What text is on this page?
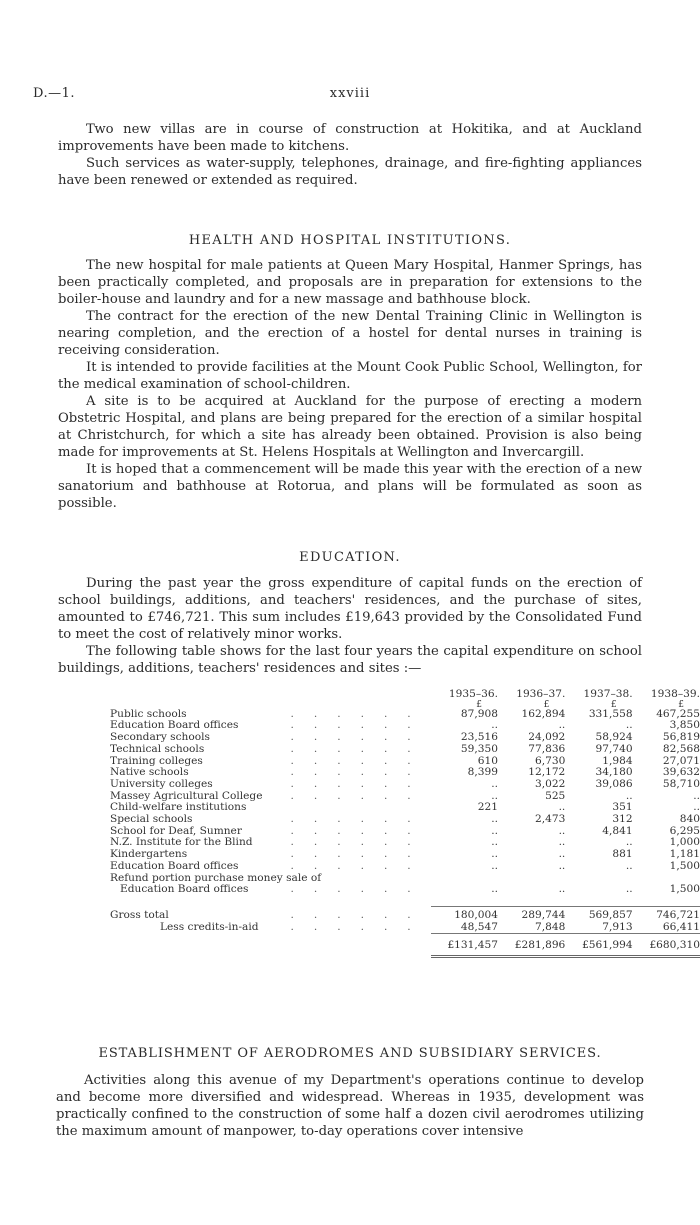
D.—1.	xxviii

Two new villas are in course of construction at Hokitika, and at Auckland improvements have been made to kitchens.

Such services as water-supply, telephones, drainage, and fire-fighting appliances have been renewed or extended as required.

HEALTH AND HOSPITAL INSTITUTIONS.

The new hospital for male patients at Queen Mary Hospital, Hanmer Springs, has been practically completed, and proposals are in preparation for extensions to the boiler-house and laundry and for a new massage and bathhouse block.

The contract for the erection of the new Dental Training Clinic in Wellington is nearing completion, and the erection of a hostel for dental nurses in training is receiving consideration.

It is intended to provide facilities at the Mount Cook Public School, Wellington, for the medical examination of school-children.

A site is to be acquired at Auckland for the purpose of erecting a modern Obstetric Hospital, and plans are being prepared for the erection of a similar hospital at Christchurch, for which a site has already been obtained. Provision is also being made for improvements at St. Helens Hospitals at Wellington and Invercargill.

It is hoped that a commencement will be made this year with the erection of a new sanatorium and bathhouse at Rotorua, and plans will be formulated as soon as possible.

EDUCATION.

During the past year the gross expenditure of capital funds on the erection of school buildings, additions, and teachers' residences, and the purchase of sites, amounted to £746,721. This sum includes £19,643 provided by the Consolidated Fund to meet the cost of relatively minor works.

The following table shows for the last four years the capital expenditure on school buildings, additions, teachers' residences and sites :—

		1935–36.	1936–37.	1937–38.	1938–39.
		£	£	£	£
Public schools	......	87,908	162,894	331,558	467,255
Education Board offices	......	..	..	..	3,850
Secondary schools	......	23,516	24,092	58,924	56,819
Technical schools	......	59,350	77,836	97,740	82,568
Training colleges	......	610	6,730	1,984	27,071
Native schools	......	8,399	12,172	34,180	39,632
University colleges	......	..	3,022	39,086	58,710
Massey Agricultural College	......	..	525	..	..
Child-welfare institutions		221	..	351	..
Special schools	......	..	2,473	312	840
School for Deaf, Sumner	......	..	..	4,841	6,295
N.Z. Institute for the Blind	......	..	..	..	1,000
Kindergartens	......	..	..	881	1,181
Education Board offices	......	..	..	..	1,500
Refund portion purchase money sale of					
Education Board offices	......	..	..	..	1,500

Gross total	......	180,004	289,744	569,857	746,721
Less credits-in-aid	......	48,547	7,848	7,913	66,411
		£131,457	£281,896	£561,994	£680,310
ESTABLISHMENT OF AERODROMES AND SUBSIDIARY SERVICES.

Activities along this avenue of my Department's operations continue to develop and become more diversified and widespread. Whereas in 1935, development was practically confined to the construction of some half a dozen civil aerodromes utilizing the maximum amount of manpower, to-day operations cover intensive
